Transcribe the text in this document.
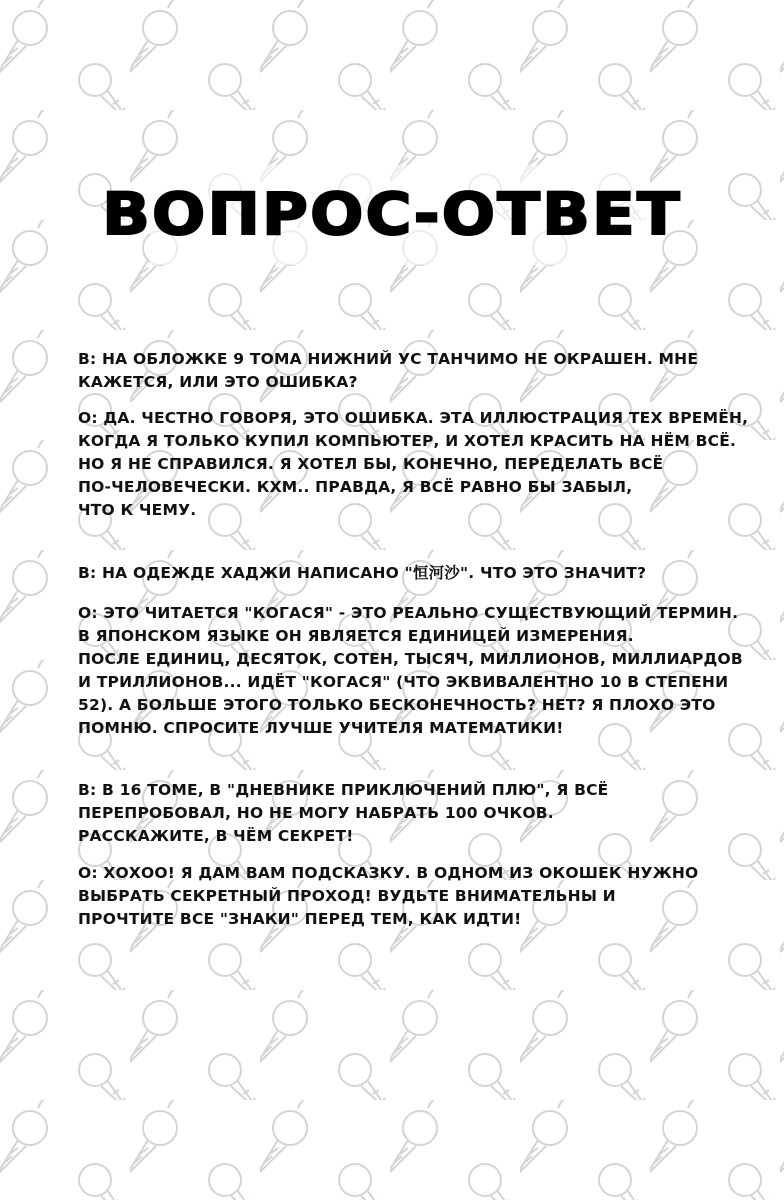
ВОПРОС-ОТВЕТ
В: НА ОБЛОЖКЕ 9 ТОМА НИЖНИЙ УС ТАНЧИМО НЕ ОКРАШЕН. МНЕ
КАЖЕТСЯ, ИЛИ ЭТО ОШИБКА?
О: ДА. ЧЕСТНО ГОВОРЯ, ЭТО ОШИБКА. ЭТА ИЛЛЮСТРАЦИЯ ТЕХ ВРЕМЁН,
КОГДА Я ТОЛЬКО КУПИЛ КОМПЬЮТЕР, И ХОТЕЛ КРАСИТЬ НА НЁМ ВСЁ.
НО Я НЕ СПРАВИЛСЯ. Я ХОТЕЛ БЫ, КОНЕЧНО, ПЕРЕДЕЛАТЬ ВСЁ
ПО-ЧЕЛОВЕЧЕСКИ. КХМ.. ПРАВДА, Я ВСЁ РАВНО БЫ ЗАБЫЛ,
ЧТО К ЧЕМУ.
В: НА ОДЕЖДЕ ХАДЖИ НАПИСАНО "恒河沙". ЧТО ЭТО ЗНАЧИТ?
О: ЭТО ЧИТАЕТСЯ "КОГАСЯ" - ЭТО РЕАЛЬНО СУЩЕСТВУЮЩИЙ ТЕРМИН.
В ЯПОНСКОМ ЯЗЫКЕ ОН ЯВЛЯЕТСЯ ЕДИНИЦЕЙ ИЗМЕРЕНИЯ.
ПОСЛЕ ЕДИНИЦ, ДЕСЯТОК, СОТЕН, ТЫСЯЧ, МИЛЛИОНОВ, МИЛЛИАРДОВ
И ТРИЛЛИОНОВ... ИДЁТ "КОГАСЯ" (ЧТО ЭКВИВАЛЕНТНО 10 В СТЕПЕНИ
52). А БОЛЬШЕ ЭТОГО ТОЛЬКО БЕСКОНЕЧНОСТЬ? НЕТ? Я ПЛОХО ЭТО
ПОМНЮ. СПРОСИТЕ ЛУЧШЕ УЧИТЕЛЯ МАТЕМАТИКИ!
В: В 16 ТОМЕ, В "ДНЕВНИКЕ ПРИКЛЮЧЕНИЙ ПЛЮ", Я ВСЁ
ПЕРЕПРОБОВАЛ, НО НЕ МОГУ НАБРАТЬ 100 ОЧКОВ.
РАССКАЖИТЕ, В ЧЁМ СЕКРЕТ!
О: ХОХОО! Я ДАМ ВАМ ПОДСКАЗКУ. В ОДНОМ ИЗ ОКОШЕК НУЖНО
ВЫБРАТЬ СЕКРЕТНЫЙ ПРОХОД! ВУДЬТЕ ВНИМАТЕЛЬНЫ И
ПРОЧТИТЕ ВСЕ "ЗНАКИ" ПЕРЕД ТЕМ, КАК ИДТИ!
